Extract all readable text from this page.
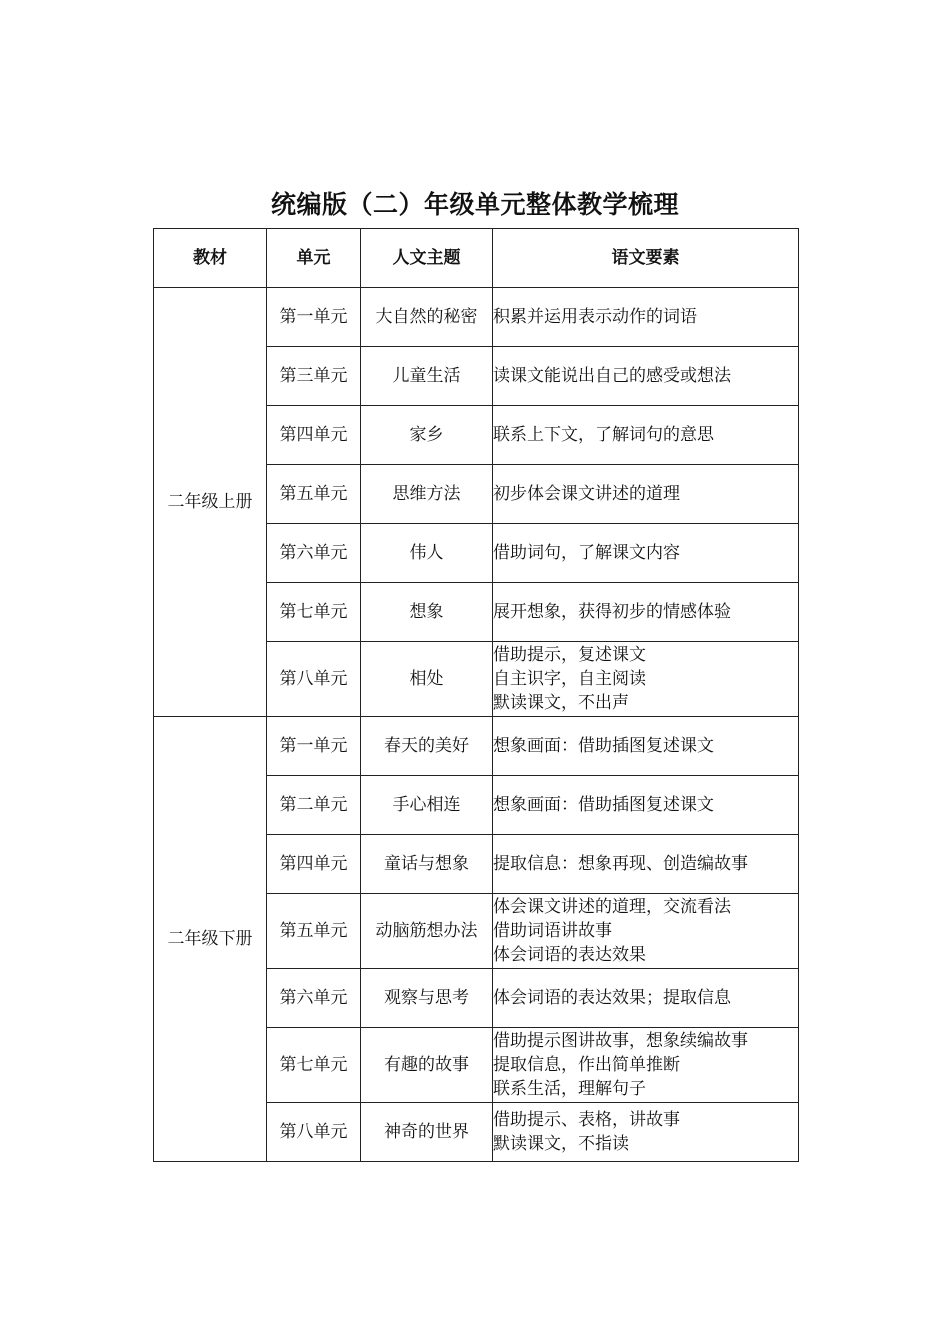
统编版（二）年级单元整体教学梳理
教材	单元	人文主题	语文要素
二年级上册	第一单元	大自然的秘密	积累并运用表示动作的词语

	第三单元	儿童生活	读课文能说出自己的感受或想法

	第四单元	家乡	联系上下文，了解词句的意思

	第五单元	思维方法	初步体会课文讲述的道理

	第六单元	伟人	借助词句，了解课文内容

	第七单元	想象	展开想象，获得初步的情感体验

	第八单元	相处	借助提示，复述课文
自主识字，自主阅读
默读课文，不出声

二年级下册	第一单元	春天的美好	想象画面：借助插图复述课文

	第二单元	手心相连	想象画面：借助插图复述课文

	第四单元	童话与想象	提取信息：想象再现、创造编故事

	第五单元	动脑筋想办法	体会课文讲述的道理，交流看法
借助词语讲故事
体会词语的表达效果

	第六单元	观察与思考	体会词语的表达效果；提取信息

	第七单元	有趣的故事	借助提示图讲故事，想象续编故事
提取信息，作出简单推断
联系生活，理解句子

	第八单元	神奇的世界	借助提示、表格，讲故事
默读课文，不指读
